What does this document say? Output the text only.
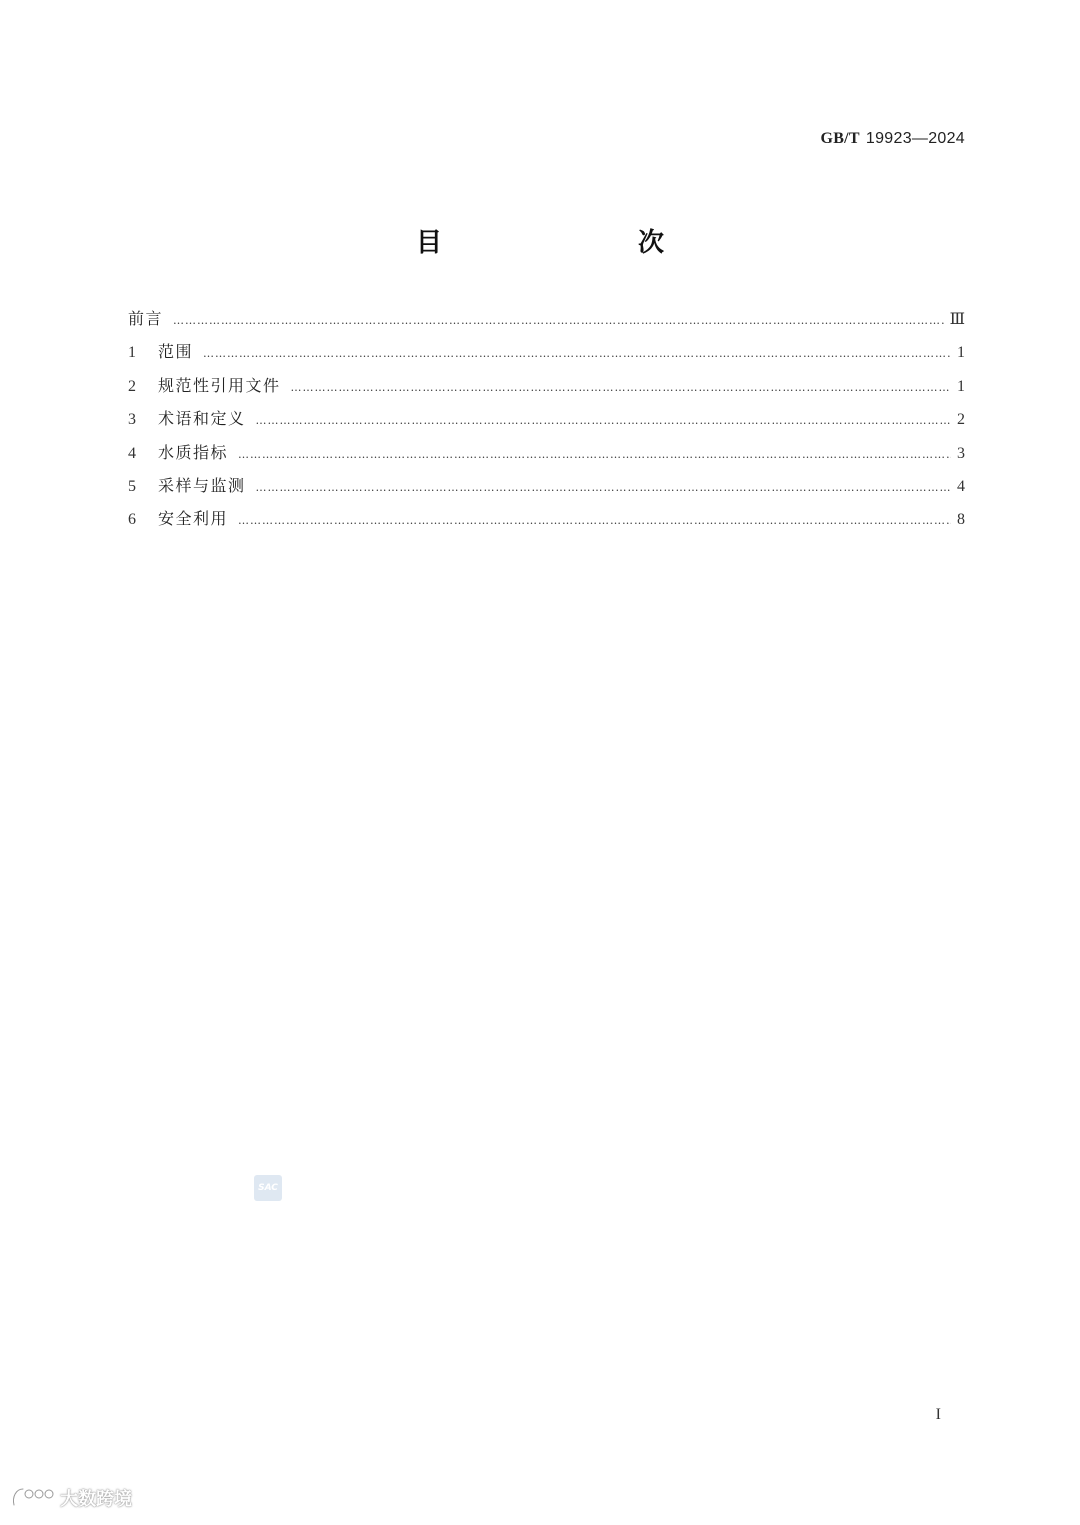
GB/T 19923—2024
目　　次
前言 …………………………………………………………………………………………………………………………………………………………………………………………………………………	Ⅲ
1	范围 …………………………………………………………………………………………………………………………………………………………………………………………………………………	1
2	规范性引用文件 …………………………………………………………………………………………………………………………………………………………………………………………………………………	1
3	术语和定义 …………………………………………………………………………………………………………………………………………………………………………………………………………………	2
4	水质指标 …………………………………………………………………………………………………………………………………………………………………………………………………………………	3
5	采样与监测 …………………………………………………………………………………………………………………………………………………………………………………………………………………	4
6	安全利用 …………………………………………………………………………………………………………………………………………………………………………………………………………………	8
SAC
I
大数跨境
